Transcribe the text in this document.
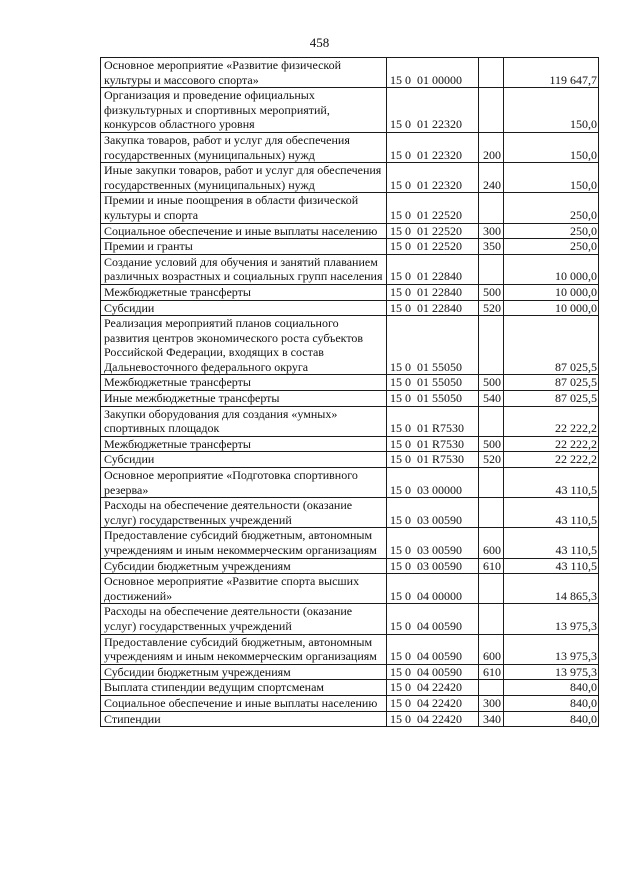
458
Основное мероприятие «Развитие физической культуры и массового спорта»	15 0  01 00000		119 647,7
Организация и проведение официальных физкультурных и спортивных мероприятий, конкурсов областного уровня	15 0  01 22320		150,0
Закупка товаров, работ и услуг для обеспечения государственных (муниципальных) нужд	15 0  01 22320	200	150,0
Иные закупки товаров, работ и услуг для обеспечения государственных (муниципальных) нужд	15 0  01 22320	240	150,0
Премии и иные поощрения в области физической культуры и спорта	15 0  01 22520		250,0
Социальное обеспечение и иные выплаты населению	15 0  01 22520	300	250,0
Премии и гранты	15 0  01 22520	350	250,0
Создание условий для обучения и занятий плаванием различных возрастных и социальных групп населения	15 0  01 22840		10 000,0
Межбюджетные трансферты	15 0  01 22840	500	10 000,0
Субсидии	15 0  01 22840	520	10 000,0
Реализация мероприятий планов социального развития центров экономического роста субъектов Российской Федерации, входящих в состав Дальневосточного федерального округа	15 0  01 55050		87 025,5
Межбюджетные трансферты	15 0  01 55050	500	87 025,5
Иные межбюджетные трансферты	15 0  01 55050	540	87 025,5
Закупки оборудования для создания «умных» спортивных площадок	15 0  01 R7530		22 222,2
Межбюджетные трансферты	15 0  01 R7530	500	22 222,2
Субсидии	15 0  01 R7530	520	22 222,2
Основное мероприятие «Подготовка спортивного резерва»	15 0  03 00000		43 110,5
Расходы на обеспечение деятельности (оказание услуг) государственных учреждений	15 0  03 00590		43 110,5
Предоставление субсидий бюджетным, автономным учреждениям и иным некоммерческим организациям	15 0  03 00590	600	43 110,5
Субсидии бюджетным учреждениям	15 0  03 00590	610	43 110,5
Основное мероприятие «Развитие спорта высших достижений»	15 0  04 00000		14 865,3
Расходы на обеспечение деятельности (оказание услуг) государственных учреждений	15 0  04 00590		13 975,3
Предоставление субсидий бюджетным, автономным учреждениям и иным некоммерческим организациям	15 0  04 00590	600	13 975,3
Субсидии бюджетным учреждениям	15 0  04 00590	610	13 975,3
Выплата стипендии ведущим спортсменам	15 0  04 22420		840,0
Социальное обеспечение и иные выплаты населению	15 0  04 22420	300	840,0
Стипендии	15 0  04 22420	340	840,0
